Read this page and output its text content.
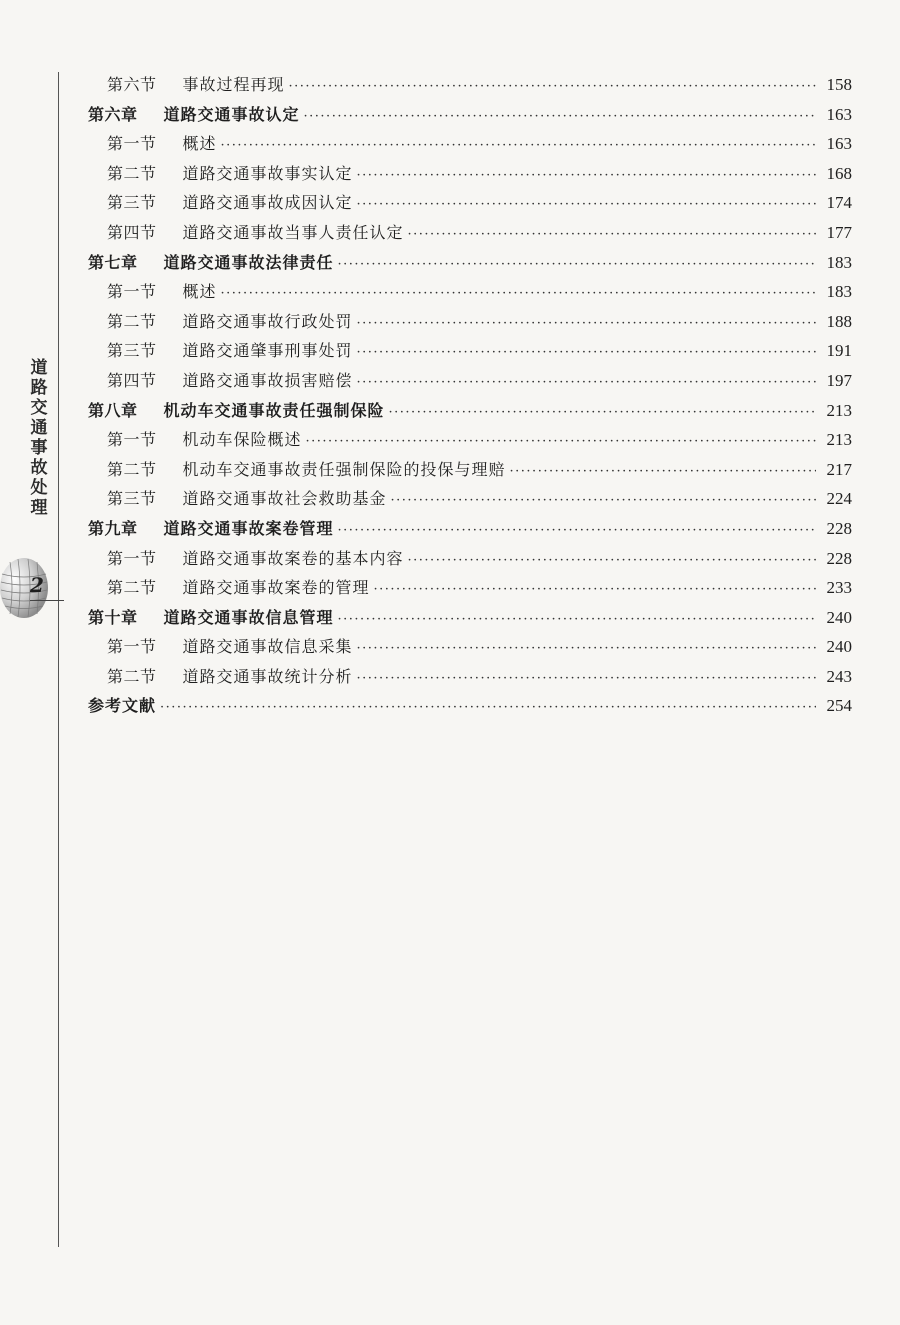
道路交通事故处理
2
第六节 事故过程再现 ·····	158
第六章 道路交通事故认定 ·····	163
第一节 概述 ·····	163
第二节 道路交通事故事实认定 ·····	168
第三节 道路交通事故成因认定 ·····	174
第四节 道路交通事故当事人责任认定 ·····	177
第七章 道路交通事故法律责任 ·····	183
第一节 概述 ·····	183
第二节 道路交通事故行政处罚 ·····	188
第三节 道路交通肇事刑事处罚 ·····	191
第四节 道路交通事故损害赔偿 ·····	197
第八章 机动车交通事故责任强制保险 ·····	213
第一节 机动车保险概述 ·····	213
第二节 机动车交通事故责任强制保险的投保与理赔 ·····	217
第三节 道路交通事故社会救助基金 ·····	224
第九章 道路交通事故案卷管理 ·····	228
第一节 道路交通事故案卷的基本内容 ·····	228
第二节 道路交通事故案卷的管理 ·····	233
第十章 道路交通事故信息管理 ·····	240
第一节 道路交通事故信息采集 ·····	240
第二节 道路交通事故统计分析 ·····	243
参考文献 ·····	254
